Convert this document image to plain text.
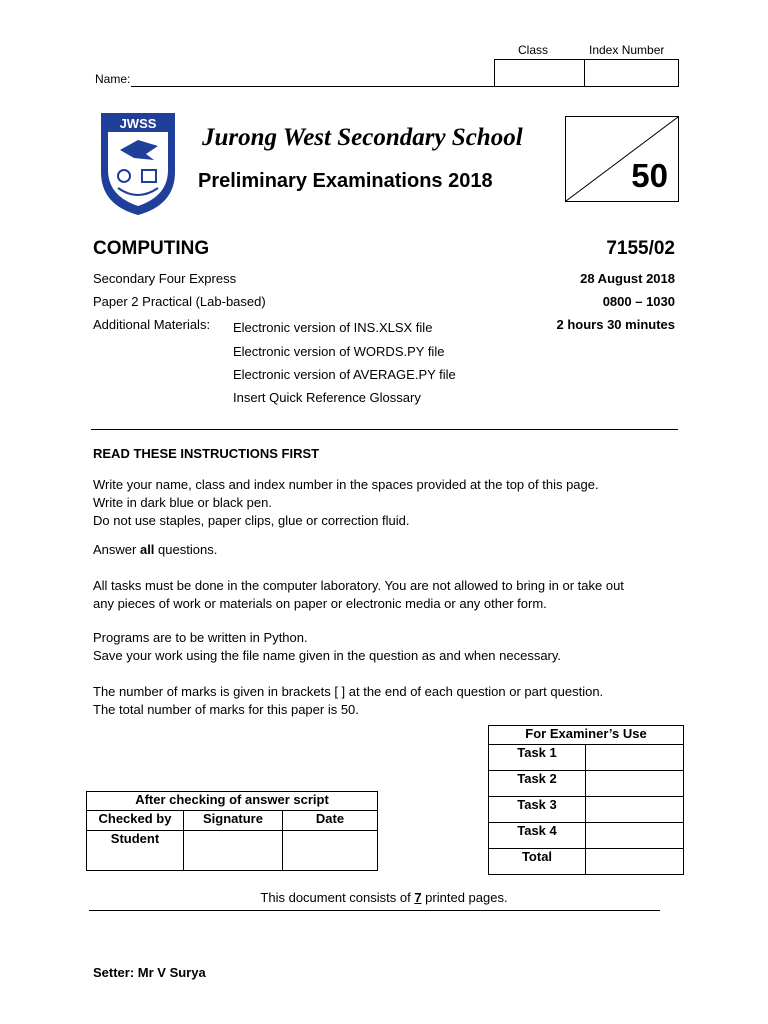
Class	Index Number
Name:
JWSS
Jurong West Secondary School
Preliminary Examinations 2018	50
COMPUTING	7155/02
Secondary Four Express	28 August 2018
Paper 2 Practical (Lab-based)	0800 – 1030
Additional Materials:	2 hours 30 minutes
Electronic version of INS.XLSX file
Electronic version of WORDS.PY file
Electronic version of AVERAGE.PY file
Insert Quick Reference Glossary
READ THESE INSTRUCTIONS FIRST
Write your name, class and index number in the spaces provided at the top of this page.
Write in dark blue or black pen.
Do not use staples, paper clips, glue or correction fluid.
Answer all questions.
All tasks must be done in the computer laboratory. You are not allowed to bring in or take out
any pieces of work or materials on paper or electronic media or any other form.
Programs are to be written in Python.
Save your work using the file name given in the question as and when necessary.
The number of marks is given in brackets [ ] at the end of each question or part question.
The total number of marks for this paper is 50.
For Examiner’s Use	
Task 1	
Task 2	
Task 3	
Task 4	
Total	
After checking of answer script		
Checked by	Signature	Date
Student		
This document consists of 7 printed pages.
Setter: Mr V Surya
